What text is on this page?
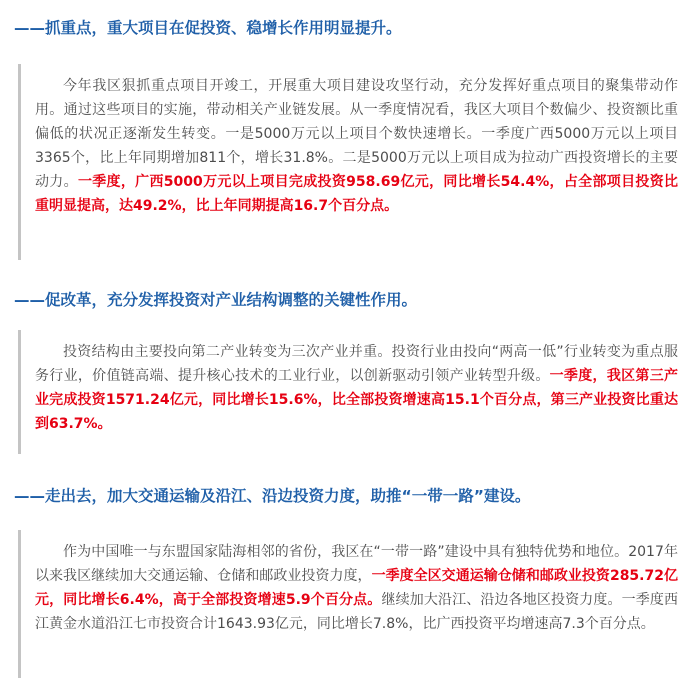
——抓重点，重大项目在促投资、稳增长作用明显提升。

今年我区狠抓重点项目开竣工，开展重大项目建设攻坚行动，充分发挥好重点项目的聚集带动作用。通过这些项目的实施，带动相关产业链发展。从一季度情况看，我区大项目个数偏少、投资额比重偏低的状况正逐渐发生转变。一是5000万元以上项目个数快速增长。一季度广西5000万元以上项目3365个，比上年同期增加811个，增长31.8%。二是5000万元以上项目成为拉动广西投资增长的主要动力。一季度，广西5000万元以上项目完成投资958.69亿元，同比增长54.4%，占全部项目投资比重明显提高，达49.2%，比上年同期提高16.7个百分点。

——促改革，充分发挥投资对产业结构调整的关键性作用。

投资结构由主要投向第二产业转变为三次产业并重。投资行业由投向“两高一低”行业转变为重点服务行业，价值链高端、提升核心技术的工业行业，以创新驱动引领产业转型升级。一季度，我区第三产业完成投资1571.24亿元，同比增长15.6%，比全部投资增速高15.1个百分点，第三产业投资比重达到63.7%。

——走出去，加大交通运输及沿江、沿边投资力度，助推“一带一路”建设。

作为中国唯一与东盟国家陆海相邻的省份，我区在“一带一路”建设中具有独特优势和地位。2017年以来我区继续加大交通运输、仓储和邮政业投资力度，一季度全区交通运输仓储和邮政业投资285.72亿元，同比增长6.4%，高于全部投资增速5.9个百分点。继续加大沿江、沿边各地区投资力度。一季度西江黄金水道沿江七市投资合计1643.93亿元，同比增长7.8%，比广西投资平均增速高7.3个百分点。
